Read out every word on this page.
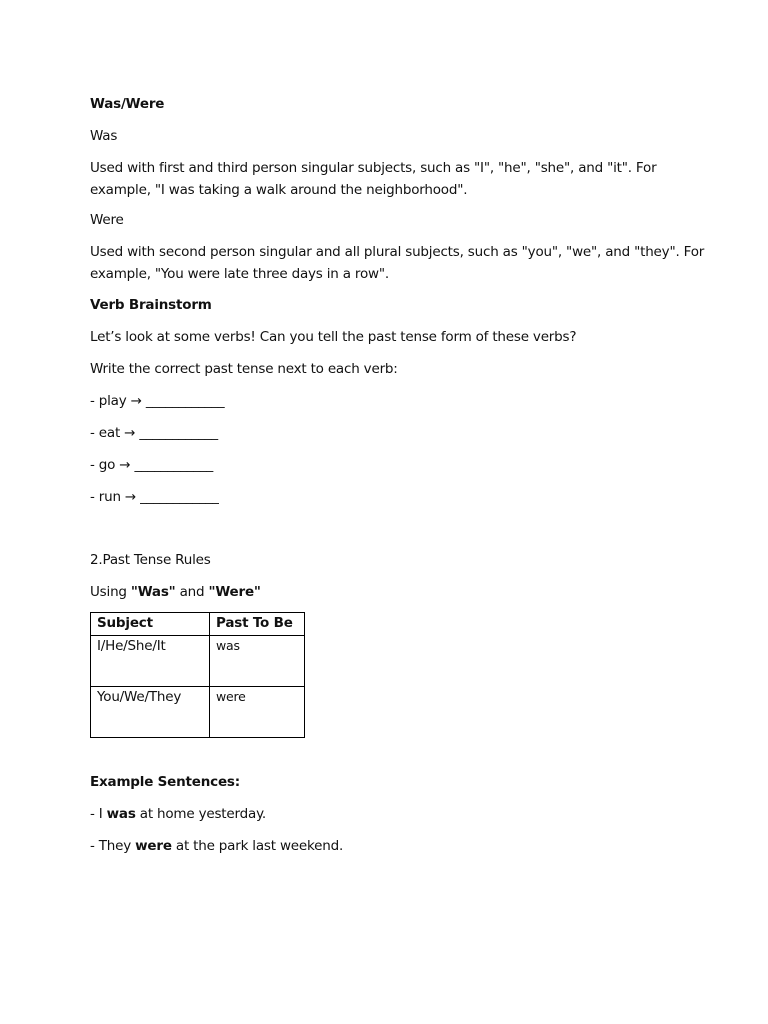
Was/Were
Was
Used with first and third person singular subjects, such as "I", "he", "she", and "it". For
example, "I was taking a walk around the neighborhood".
Were
Used with second person singular and all plural subjects, such as "you", "we", and "they". For
example, "You were late three days in a row".
Verb Brainstorm
Let’s look at some verbs! Can you tell the past tense form of these verbs?
Write the correct past tense next to each verb:
- play → ____________
- eat → ____________
- go → ____________
- run → ____________
2.Past Tense Rules
Using "Was" and "Were"
Subject	Past To Be
I/He/She/It	was
You/We/They	were
Example Sentences:
- I was at home yesterday.
- They were at the park last weekend.
